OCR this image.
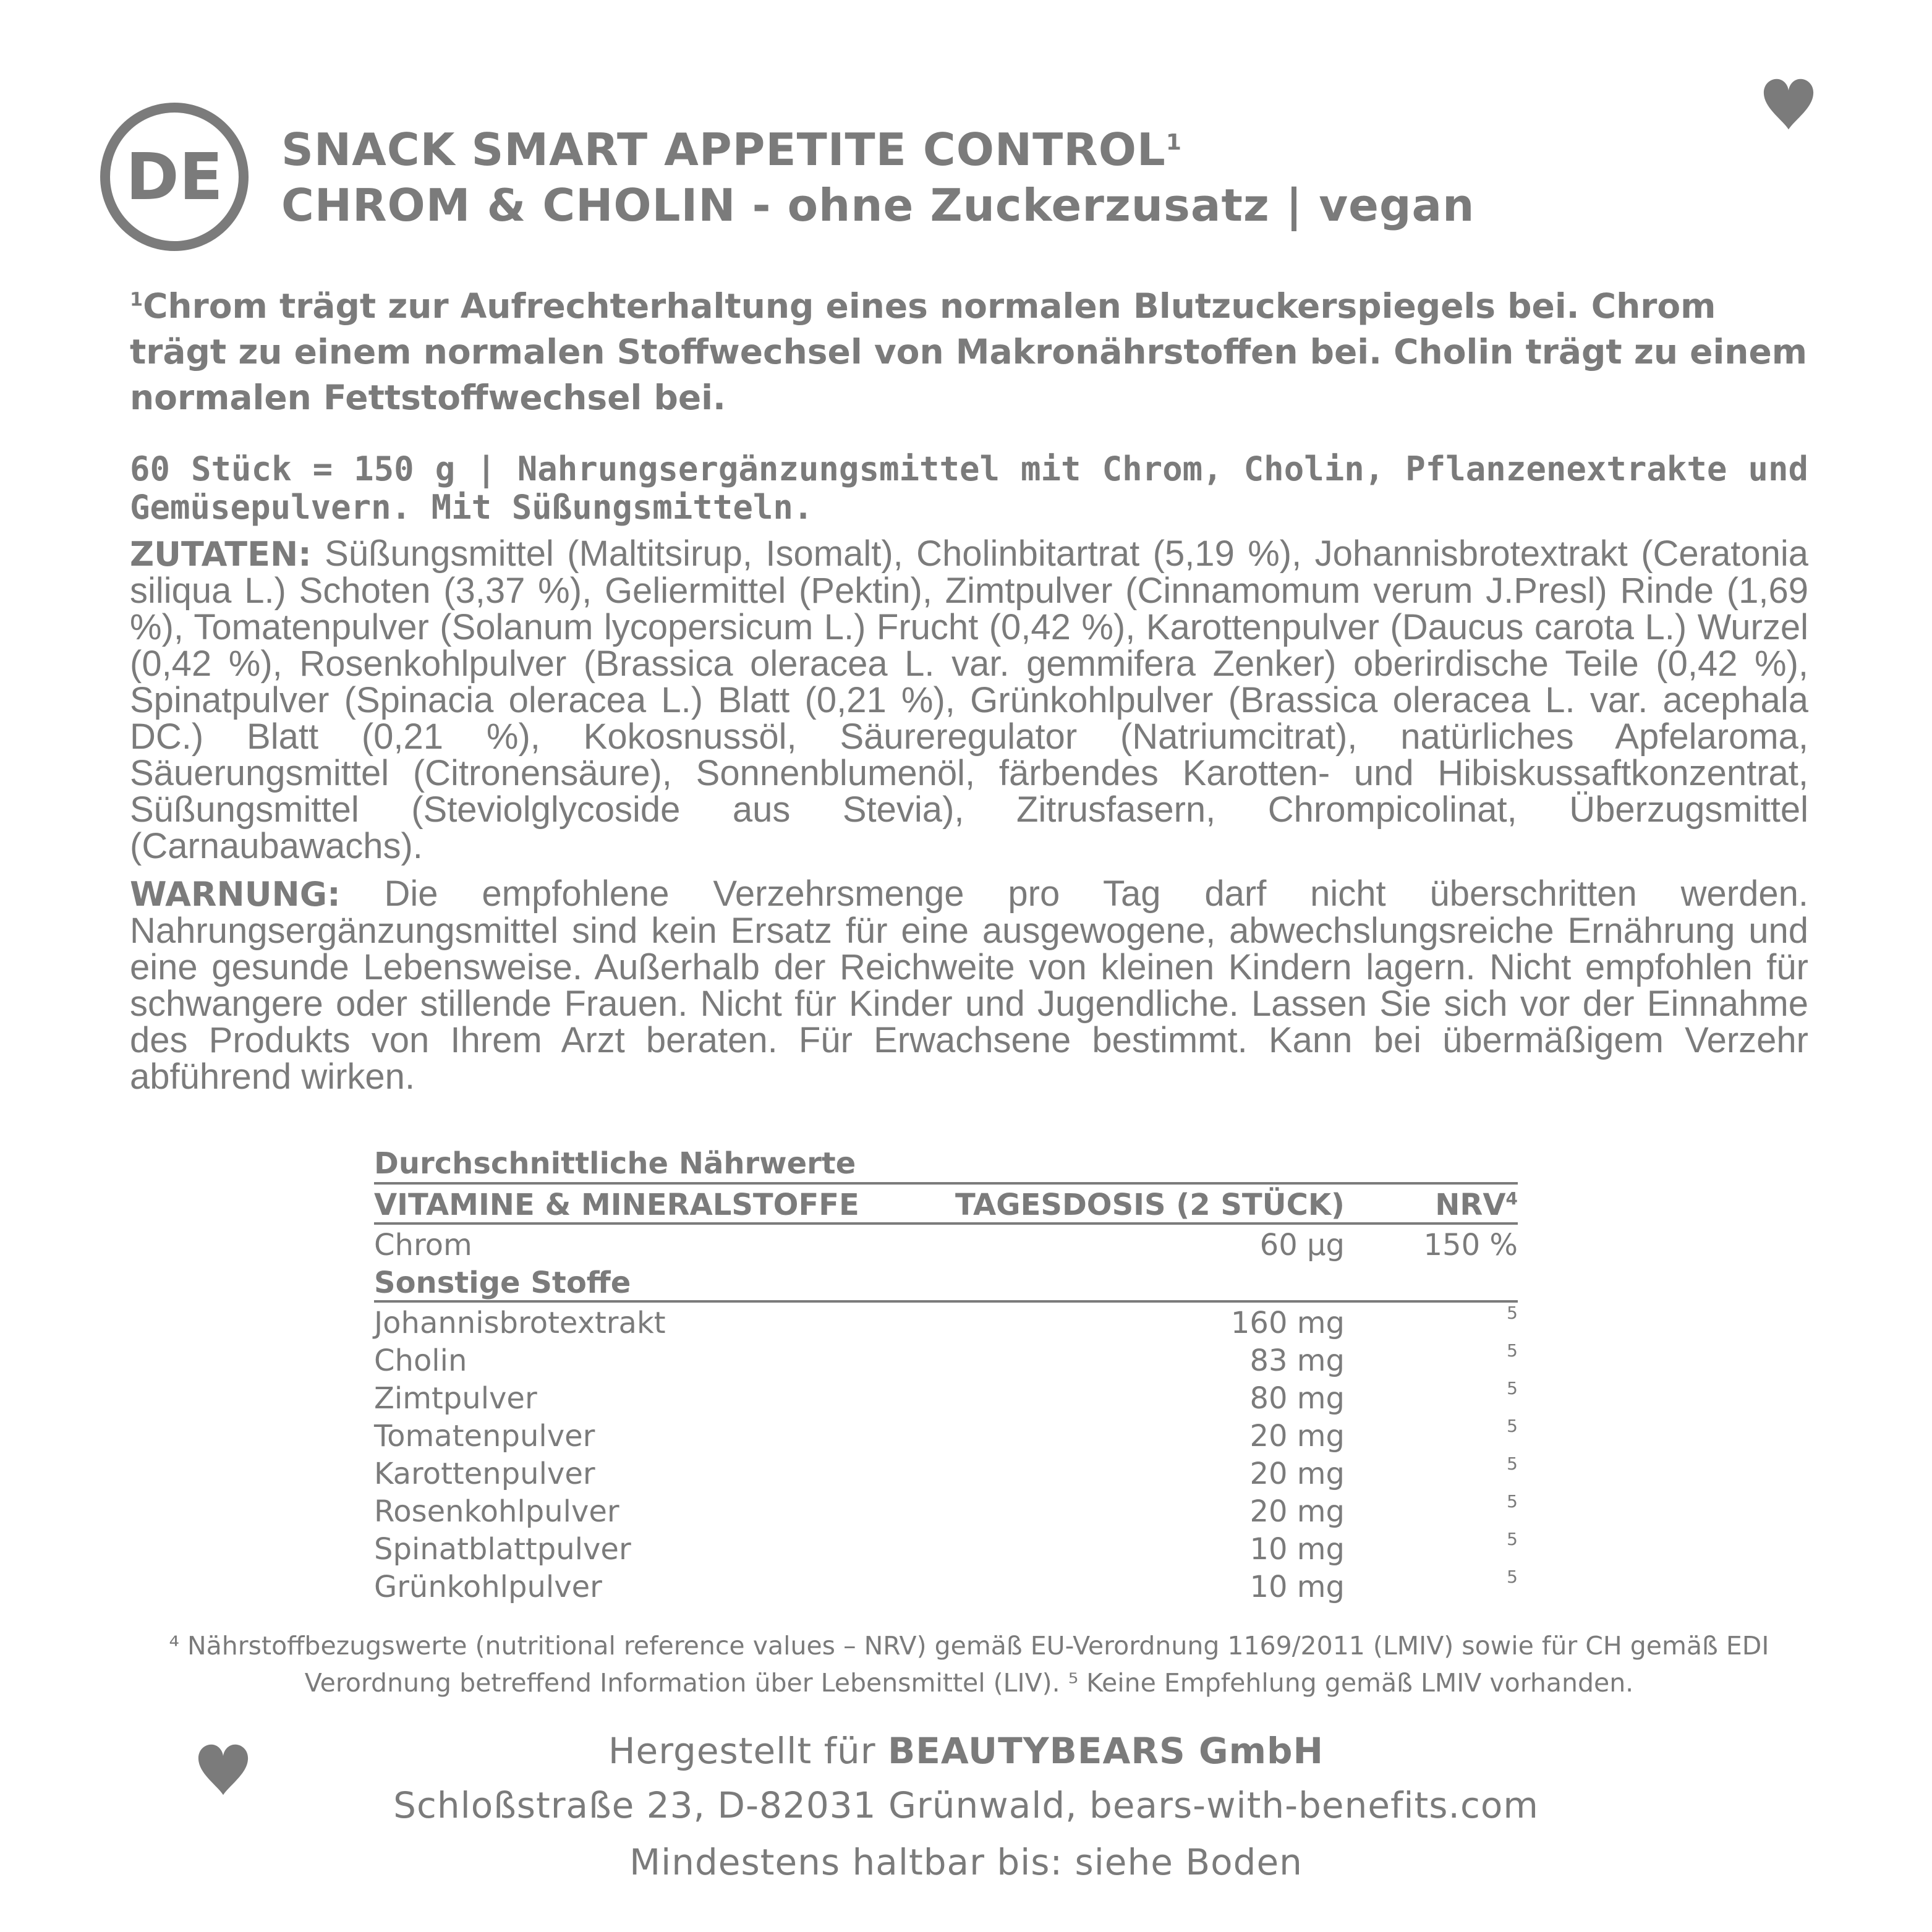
DE SNACK SMART APPETITE CONTROL$^1$
CHROM & CHOLIN - ohne Zuckerzusatz | vegan
$^1$Chrom trägt zur Aufrechterhaltung eines normalen Blutzuckerspiegels bei. Chrom trägt zu einem normalen Stoffwechsel von Makronährstoffen bei. Cholin trägt zu einem normalen Fettstoffwechsel bei.
60 Stück = 150 g | Nahrungsergänzungsmittel mit Chrom, Cholin, Pflanzenextrakte und Gemüsepulvern. Mit Süßungsmitteln.
ZUTATEN: Süßungsmittel (Maltitsirup, Isomalt), Cholinbitartrat (5,19 %), Johannisbrotextrakt (Ceratonia siliqua L.) Schoten (3,37 %), Geliermittel (Pektin), Zimtpulver (Cinnamomum verum J.Presl) Rinde (1,69 %), Tomatenpulver (Solanum lycopersicum L.) Frucht (0,42 %), Karottenpulver (Daucus carota L.) Wurzel (0,42 %), Rosenkohlpulver (Brassica oleracea L. var. gemmifera Zenker) oberirdische Teile (0,42 %), Spinatpulver (Spinacia oleracea L.) Blatt (0,21 %), Grünkohlpulver (Brassica oleracea L. var. acephala DC.) Blatt (0,21 %), Kokosnussöl, Säureregulator (Natriumcitrat), natürliches Apfelaroma, Säuerungsmittel (Citronensäure), Sonnenblumenöl, färbendes Karotten- und Hibiskussaftkonzentrat, Süßungsmittel (Steviolglycoside aus Stevia), Zitrusfasern, Chrompicolinat, Überzugsmittel (Carnaubawachs).
WARNUNG: Die empfohlene Verzehrsmenge pro Tag darf nicht überschritten werden. Nahrungsergänzungsmittel sind kein Ersatz für eine ausgewogene, abwechslungsreiche Ernährung und eine gesunde Lebensweise. Außerhalb der Reichweite von kleinen Kindern lagern. Nicht empfohlen für schwangere oder stillende Frauen. Nicht für Kinder und Jugendliche. Lassen Sie sich vor der Einnahme des Produkts von Ihrem Arzt beraten. Für Erwachsene bestimmt. Kann bei übermäßigem Verzehr abführend wirken.
Durchschnittliche Nährwerte
VITAMINE & MINERALSTOFFE	TAGESDOSIS (2 STÜCK)	NRV$^4$
Chrom	60 µg	150 %
Sonstige Stoffe		
Johannisbrotextrakt	160 mg	5
Cholin	83 mg	5
Zimtpulver	80 mg	5
Tomatenpulver	20 mg	5
Karottenpulver	20 mg	5
Rosenkohlpulver	20 mg	5
Spinatblattpulver	10 mg	5
Grünkohlpulver	10 mg	5
⁴ Nährstoffbezugswerte (nutritional reference values – NRV) gemäß EU-Verordnung 1169/2011 (LMIV) sowie für CH gemäß EDI
Verordnung betreffend Information über Lebensmittel (LIV). ⁵ Keine Empfehlung gemäß LMIV vorhanden.
Hergestellt für BEAUTYBEARS GmbH
Schloßstraße 23, D-82031 Grünwald, bears-with-benefits.com
Mindestens haltbar bis: siehe Boden
